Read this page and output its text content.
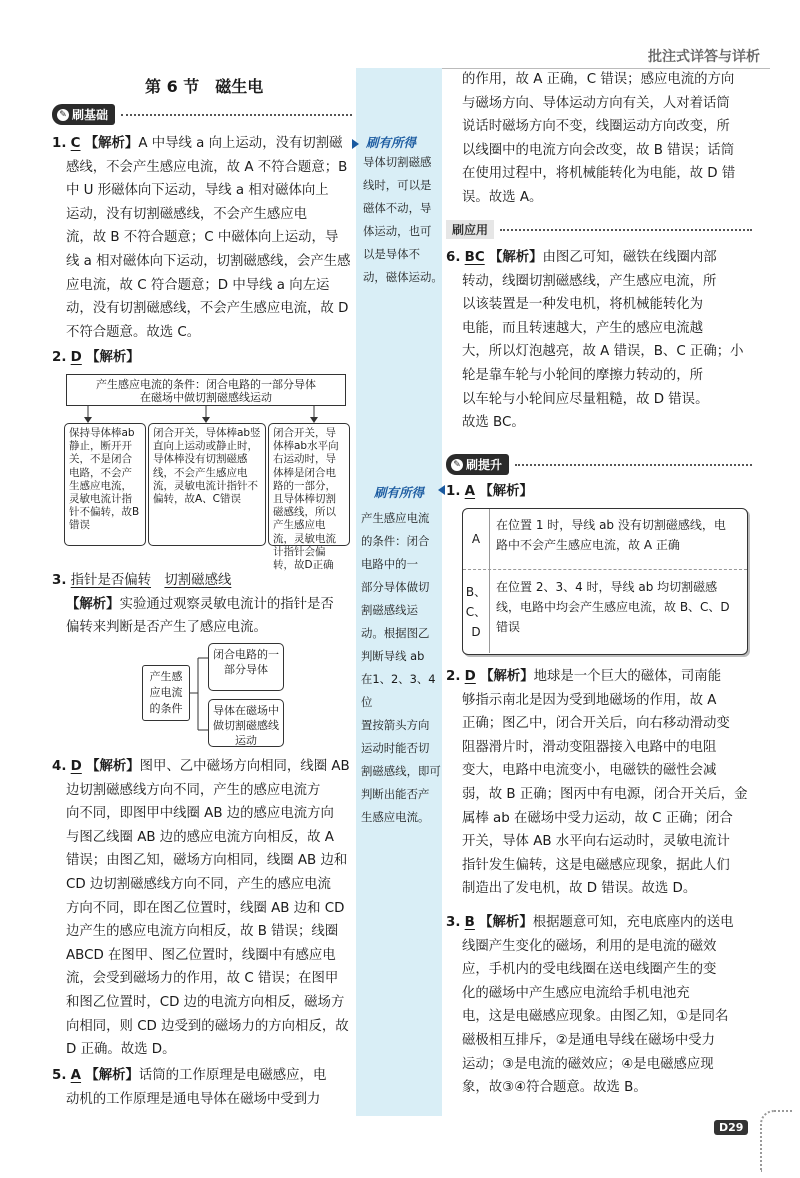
批注式详答与详析
第 6 节　磁生电
✎ 刷基础
1. C 【解析】A 中导线 a 向上运动，没有切割磁
感线，不会产生感应电流，故 A 不符合题意；B
中 U 形磁体向下运动，导线 a 相对磁体向上
运动，没有切割磁感线，不会产生感应电
流，故 B 不符合题意；C 中磁体向上运动，导
线 a 相对磁体向下运动，切割磁感线，会产生感
应电流，故 C 符合题意；D 中导线 a 向左运
动，没有切割磁感线，不会产生感应电流，故 D
不符合题意。故选 C。
刷有所得
导体切割磁感
线时，可以是
磁体不动，导
体运动，也可
以是导体不
动，磁体运动。
2. D 【解析】
产生感应电流的条件：闭合电路的一部分导体在磁场中做切割磁感线运动
保持导体棒ab静止，断开开关，不是闭合电路，不会产生感应电流，灵敏电流计指针不偏转，故B错误
闭合开关，导体棒ab竖直向上运动或静止时，导体棒没有切割磁感线，不会产生感应电流，灵敏电流计指针不偏转，故A、C错误
闭合开关，导体棒ab水平向右运动时，导体棒是闭合电路的一部分，且导体棒切割磁感线，所以产生感应电流，灵敏电流计指针会偏转，故D正确
3. 指针是否偏转　 切割磁感线
【解析】实验通过观察灵敏电流计的指针是否
偏转来判断是否产生了感应电流。
产生感应电流的条件
闭合电路的一部分导体
导体在磁场中做切割磁感线运动
4. D 【解析】图甲、乙中磁场方向相同，线圈 AB
边切割磁感线方向不同，产生的感应电流方
向不同，即图甲中线圈 AB 边的感应电流方向
与图乙线圈 AB 边的感应电流方向相反，故 A
错误；由图乙知，磁场方向相同，线圈 AB 边和
CD 边切割磁感线方向不同，产生的感应电流
方向不同，即在图乙位置时，线圈 AB 边和 CD
边产生的感应电流方向相反，故 B 错误；线圈
ABCD 在图甲、图乙位置时，线圈中有感应电
流，会受到磁场力的作用，故 C 错误；在图甲
和图乙位置时，CD 边的电流方向相反，磁场方
向相同，则 CD 边受到的磁场力的方向相反，故
D 正确。故选 D。
5. A 【解析】话筒的工作原理是电磁感应，电
动机的工作原理是通电导体在磁场中受到力
刷有所得
产生感应电流
的条件：闭合
电路中的一
部分导体做切
割磁感线运
动。根据图乙
判断导线 ab
在1、2、3、4位
置按箭头方向
运动时能否切
割磁感线，即可
判断出能否产
生感应电流。
的作用，故 A 正确，C 错误；感应电流的方向
与磁场方向、导体运动方向有关，人对着话筒
说话时磁场方向不变，线圈运动方向改变，所
以线圈中的电流方向会改变，故 B 错误；话筒
在使用过程中，将机械能转化为电能，故 D 错
误。故选 A。
刷应用
6. BC 【解析】由图乙可知，磁铁在线圈内部
转动，线圈切割磁感线，产生感应电流，所
以该装置是一种发电机，将机械能转化为
电能，而且转速越大，产生的感应电流越
大，所以灯泡越亮，故 A 错误，B、C 正确；小
轮是靠车轮与小轮间的摩擦力转动的，所
以车轮与小轮间应尽量粗糙，故 D 错误。
故选 BC。
✎ 刷提升
1. A 【解析】
A
在位置 1 时，导线 ab 没有切割磁感线，电
路中不会产生感应电流，故 A 正确
B、
C、
D
在位置 2、3、4 时，导线 ab 均切割磁感
线，电路中均会产生感应电流，故 B、C、D
错误
2. D 【解析】地球是一个巨大的磁体，司南能
够指示南北是因为受到地磁场的作用，故 A
正确；图乙中，闭合开关后，向右移动滑动变
阻器滑片时，滑动变阻器接入电路中的电阻
变大，电路中电流变小，电磁铁的磁性会减
弱，故 B 正确；图丙中有电源，闭合开关后，金
属棒 ab 在磁场中受力运动，故 C 正确；闭合
开关，导体 AB 水平向右运动时，灵敏电流计
指针发生偏转，这是电磁感应现象，据此人们
制造出了发电机，故 D 错误。故选 D。
3. B 【解析】根据题意可知，充电底座内的送电
线圈产生变化的磁场，利用的是电流的磁效
应，手机内的受电线圈在送电线圈产生的变
化的磁场中产生感应电流给手机电池充
电，这是电磁感应现象。由图乙知，①是同名
磁极相互排斥，②是通电导线在磁场中受力
运动；③是电流的磁效应；④是电磁感应现
象，故③④符合题意。故选 B。
D29
